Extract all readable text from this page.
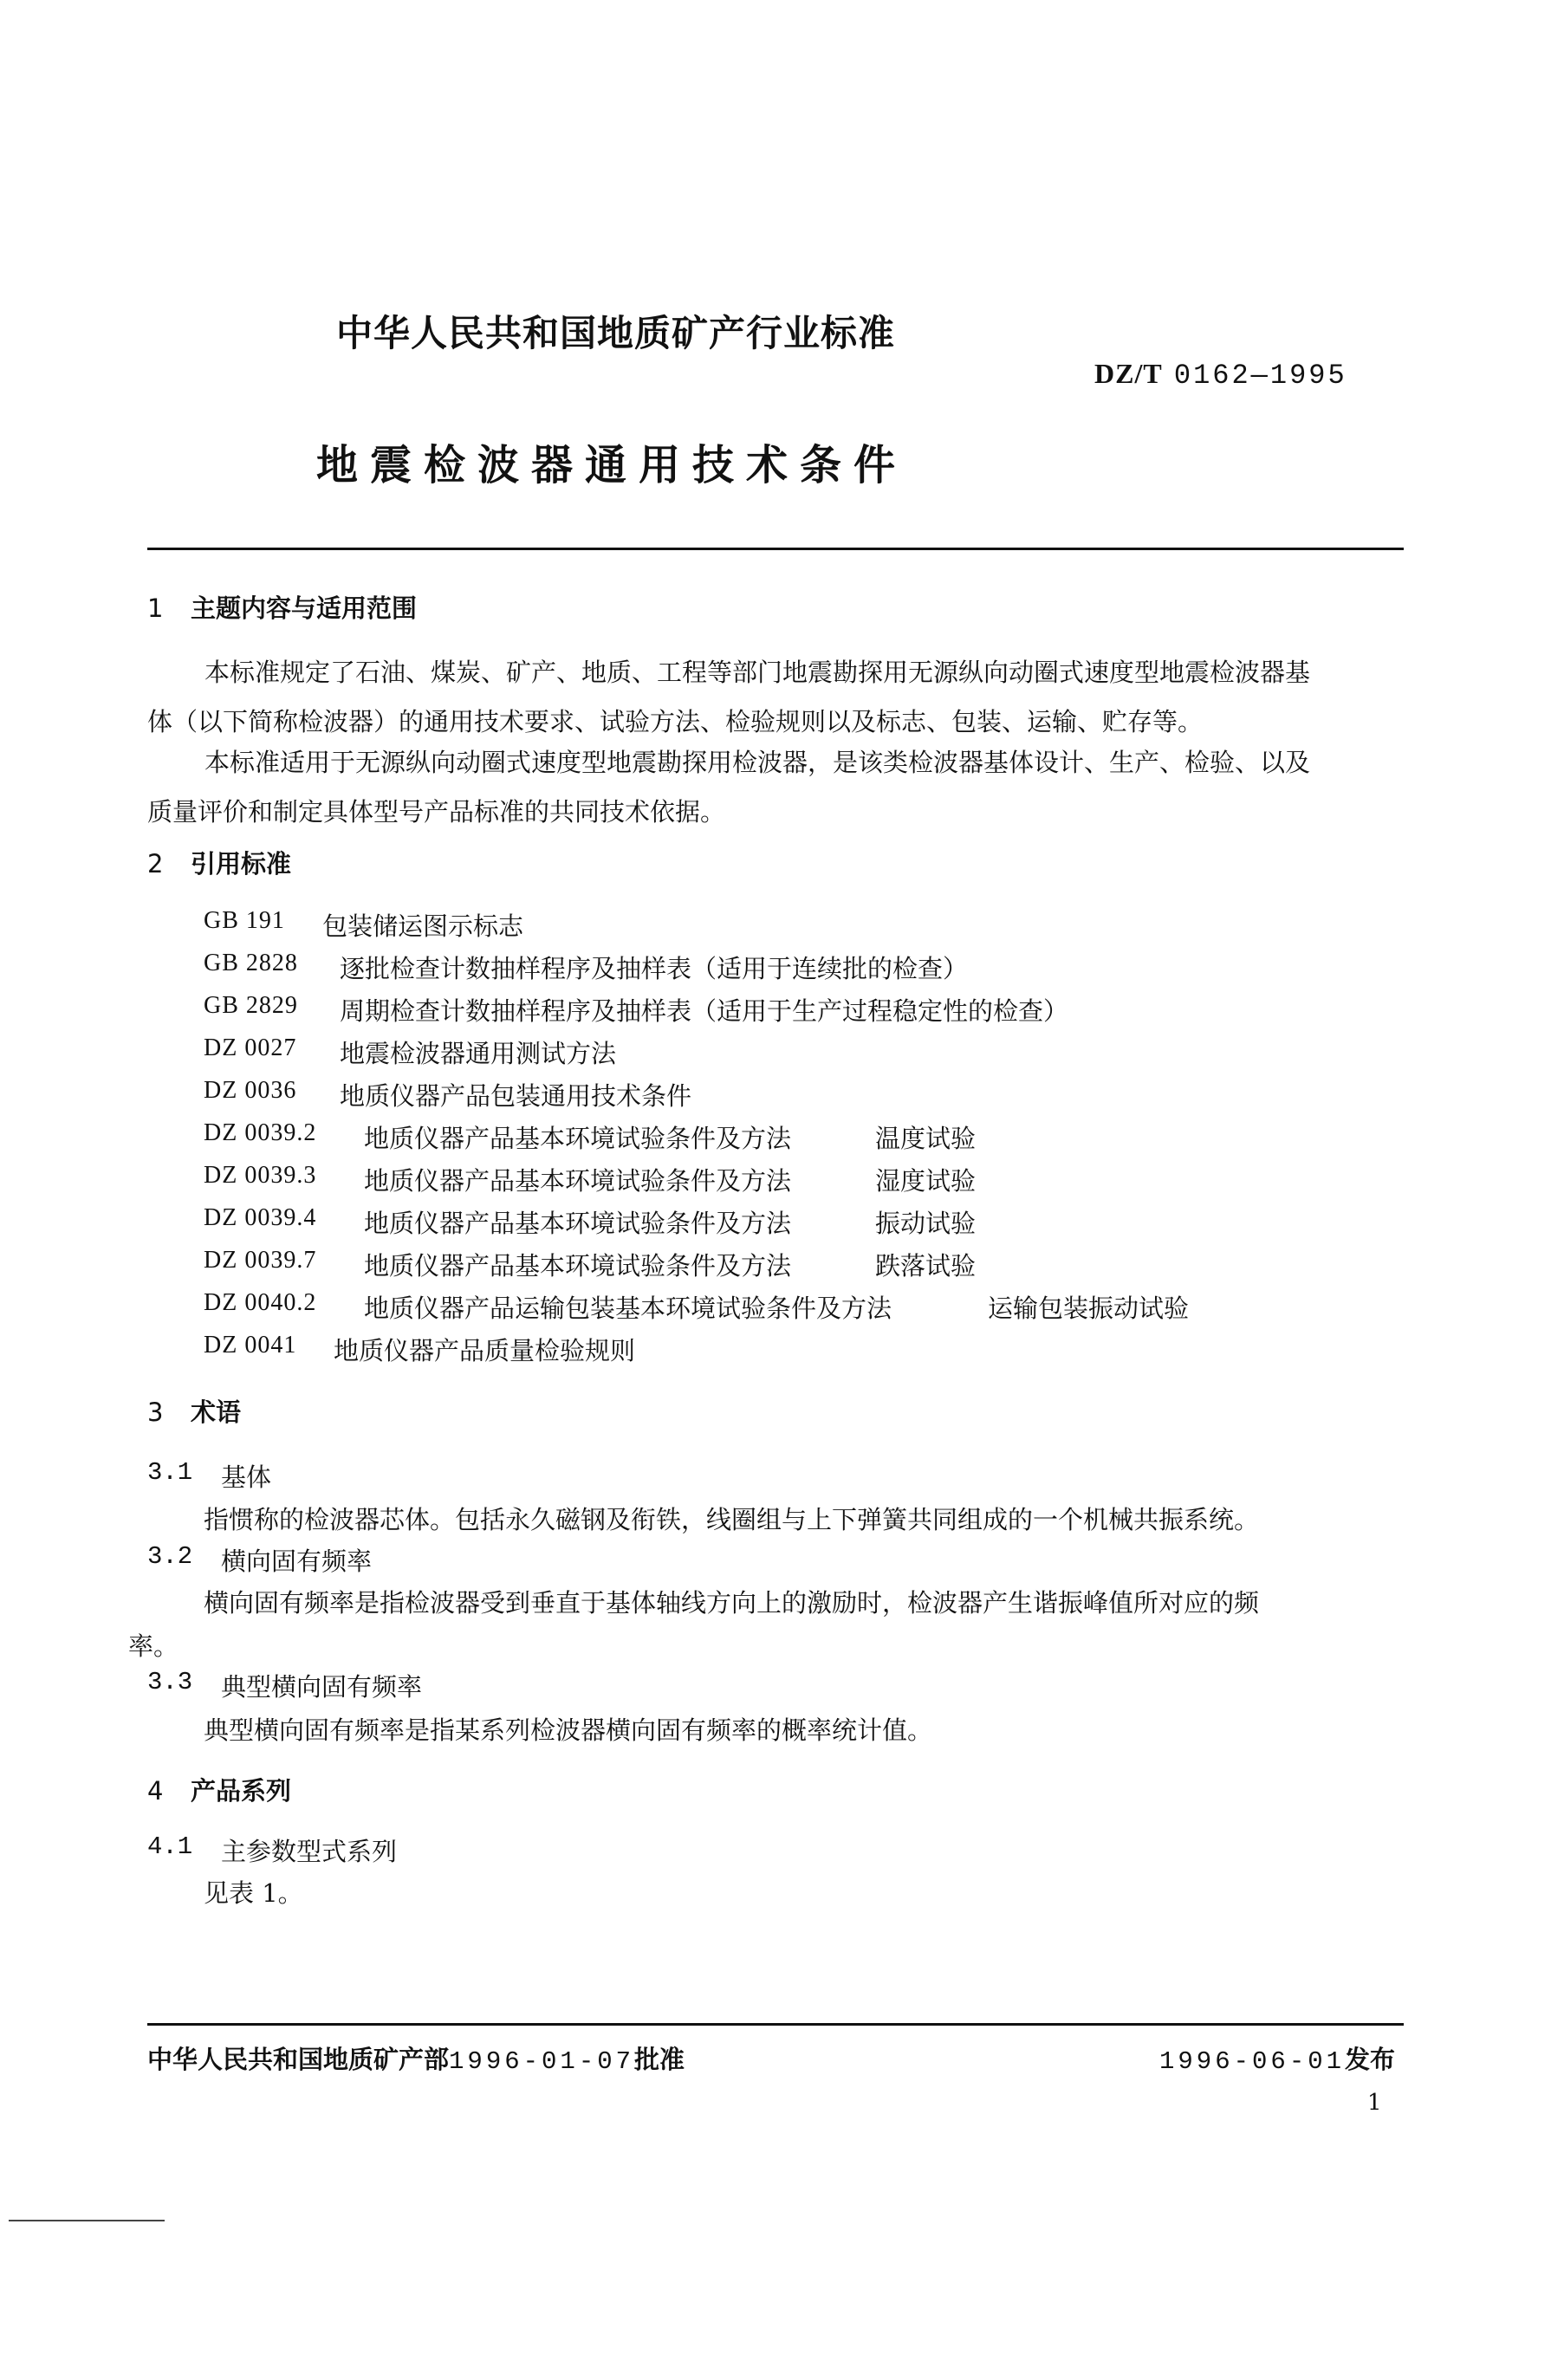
中华人民共和国地质矿产行业标准
DZ/T 0162—1995
地震检波器通用技术条件
1 主题内容与适用范围
本标准规定了石油、煤炭、矿产、地质、工程等部门地震勘探用无源纵向动圈式速度型地震检波器基
体（以下简称检波器）的通用技术要求、试验方法、检验规则以及标志、包装、运输、贮存等。
本标准适用于无源纵向动圈式速度型地震勘探用检波器，是该类检波器基体设计、生产、检验、以及
质量评价和制定具体型号产品标准的共同技术依据。
2 引用标准
GB 191 包装储运图示标志
GB 2828 逐批检查计数抽样程序及抽样表（适用于连续批的检查）
GB 2829 周期检查计数抽样程序及抽样表（适用于生产过程稳定性的检查）
DZ 0027 地震检波器通用测试方法
DZ 0036 地质仪器产品包装通用技术条件
DZ 0039.2 地质仪器产品基本环境试验条件及方法	温度试验
DZ 0039.3 地质仪器产品基本环境试验条件及方法	湿度试验
DZ 0039.4 地质仪器产品基本环境试验条件及方法	振动试验
DZ 0039.7 地质仪器产品基本环境试验条件及方法	跌落试验
DZ 0040.2 地质仪器产品运输包装基本环境试验条件及方法	运输包装振动试验
DZ 0041 地质仪器产品质量检验规则
3 术语
3.1 基体
指惯称的检波器芯体。包括永久磁钢及衔铁，线圈组与上下弹簧共同组成的一个机械共振系统。
3.2 横向固有频率
横向固有频率是指检波器受到垂直于基体轴线方向上的激励时，检波器产生谐振峰值所对应的频
率。
3.3 典型横向固有频率
典型横向固有频率是指某系列检波器横向固有频率的概率统计值。
4 产品系列
4.1 主参数型式系列
见表 1。
中华人民共和国地质矿产部1996-01-07批准	1996-06-01发布
1
